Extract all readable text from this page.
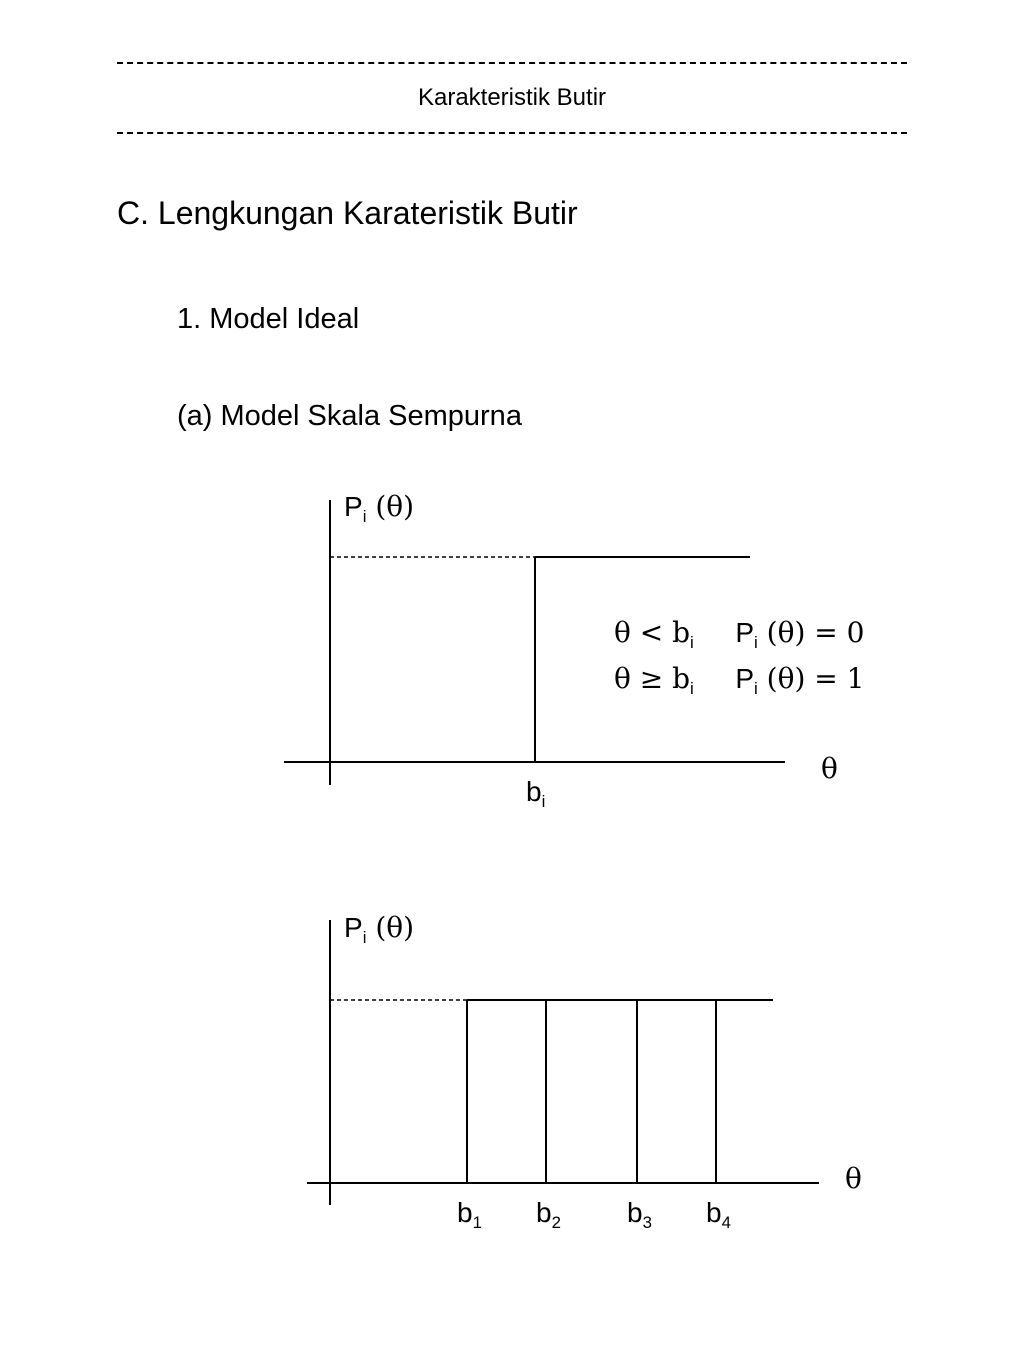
Karakteristik Butir
C. Lengkungan Karateristik Butir
1. Model Ideal
(a) Model Skala Sempurna
$P_i$ (θ)
θ
$b_i$
$\theta < b_i$ $P_i$ (θ) = 0
$\theta \ge b_i$ $P_i$ (θ) = 1
$P_i$ (θ)
θ
$b_1$ $b_2$ $b_3$ $b_4$
